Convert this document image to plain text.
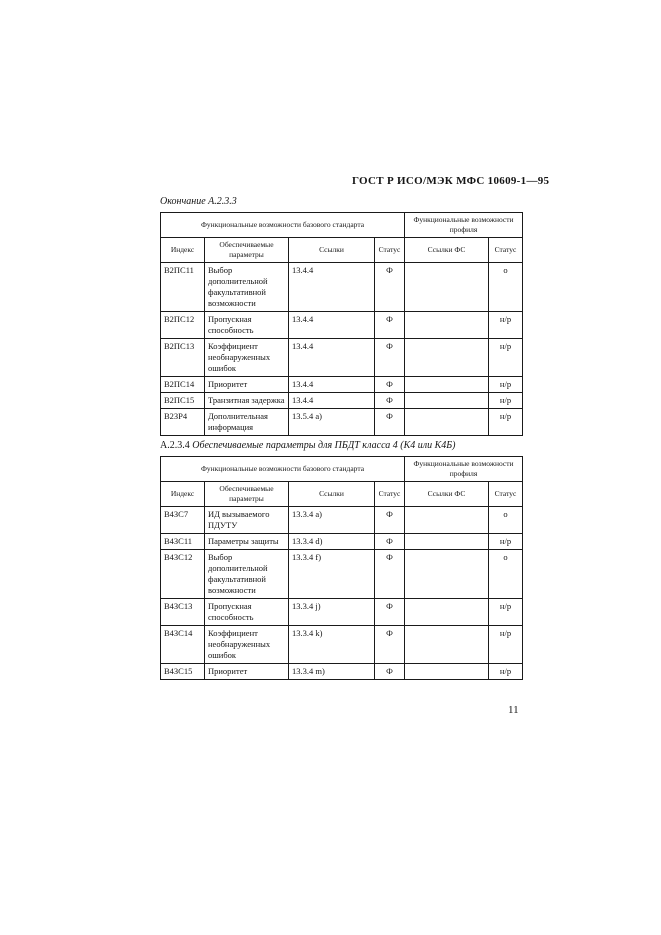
ГОСТ Р ИСО/МЭК МФС 10609-1—95
Окончание А.2.3.3
Функциональные возможности базового стандарта				Функциональные возможности профиля	
Индекс	Обеспечиваемые параметры	Ссылки	Статус	Ссылки ФС	Статус
В2ПС11	Выбор дополнительной факультативной возможности	13.4.4	Ф		о
В2ПС12	Пропускная способность	13.4.4	Ф		н/р
В2ПС13	Коэффициент необнаруженных ошибок	13.4.4	Ф		н/р
В2ПС14	Приоритет	13.4.4	Ф		н/р
В2ПС15	Транзитная задержка	13.4.4	Ф		н/р
В2ЗР4	Дополнительная информация	13.5.4 а)	Ф		н/р
А.2.3.4 Обеспечиваемые параметры для ПБДТ класса 4 (К4 или К4Б)
Функциональные возможности базового стандарта				Функциональные возможности профиля	
Индекс	Обеспечиваемые параметры	Ссылки	Статус	Ссылки ФС	Статус
В4ЗС7	ИД вызываемого ПДУТУ	13.3.4 a)	Ф		о
В4ЗС11	Параметры защиты	13.3.4 d)	Ф		н/р
В4ЗС12	Выбор дополнительной факультативной возможности	13.3.4 f)	Ф		о
В4ЗС13	Пропускная способность	13.3.4 j)	Ф		н/р
В4ЗС14	Коэффициент необнаруженных ошибок	13.3.4 k)	Ф		н/р
В4ЗС15	Приоритет	13.3.4 m)	Ф		н/р
11
